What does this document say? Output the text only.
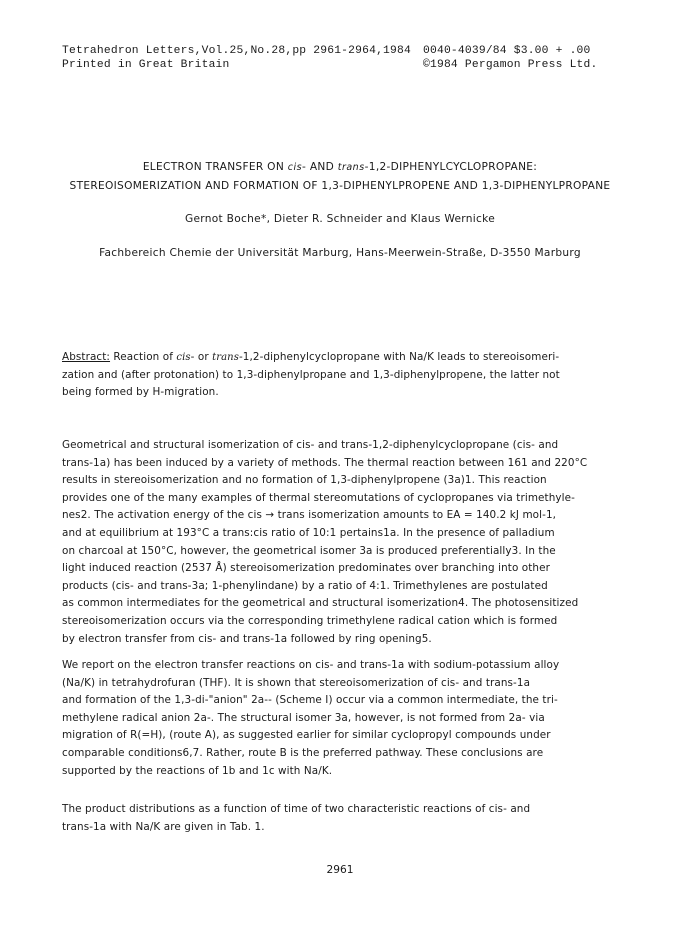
Tetrahedron Letters,Vol.25,No.28,pp 2961-2964,1984
Printed in Great Britain
0040-4039/84 $3.00 + .00
©1984 Pergamon Press Ltd.
ELECTRON TRANSFER ON cis- AND trans-1,2-DIPHENYLCYCLOPROPANE:
STEREOISOMERIZATION AND FORMATION OF 1,3-DIPHENYLPROPENE AND 1,3-DIPHENYLPROPANE
Gernot Boche*, Dieter R. Schneider and Klaus Wernicke
Fachbereich Chemie der Universität Marburg, Hans-Meerwein-Straße, D-3550 Marburg

Abstract: Reaction of cis- or trans-1,2-diphenylcyclopropane with Na/K leads to stereoisomeri-

zation and (after protonation) to 1,3-diphenylpropane and 1,3-diphenylpropene, the latter not

being formed by H-migration.

Geometrical and structural isomerization of cis- and trans-1,2-diphenylcyclopropane (cis- and

trans-1a) has been induced by a variety of methods. The thermal reaction between 161 and 220°C

results in stereoisomerization and no formation of 1,3-diphenylpropene (3a)1. This reaction

provides one of the many examples of thermal stereomutations of cyclopropanes via trimethyle-

nes2. The activation energy of the cis → trans isomerization amounts to EA = 140.2 kJ mol-1,

and at equilibrium at 193°C a trans:cis ratio of 10:1 pertains1a. In the presence of palladium

on charcoal at 150°C, however, the geometrical isomer 3a is produced preferentially3. In the

light induced reaction (2537 Å) stereoisomerization predominates over branching into other

products (cis- and trans-3a; 1-phenylindane) by a ratio of 4:1. Trimethylenes are postulated

as common intermediates for the geometrical and structural isomerization4. The photosensitized

stereoisomerization occurs via the corresponding trimethylene radical cation which is formed

by electron transfer from cis- and trans-1a followed by ring opening5.

We report on the electron transfer reactions on cis- and trans-1a with sodium-potassium alloy

(Na/K) in tetrahydrofuran (THF). It is shown that stereoisomerization of cis- and trans-1a

and formation of the 1,3-di-"anion" 2a-- (Scheme I) occur via a common intermediate, the tri-

methylene radical anion 2a-. The structural isomer 3a, however, is not formed from 2a- via

migration of R(=H), (route A), as suggested earlier for similar cyclopropyl compounds under

comparable conditions6,7. Rather, route B is the preferred pathway. These conclusions are

supported by the reactions of 1b and 1c with Na/K.

The product distributions as a function of time of two characteristic reactions of cis- and

trans-1a with Na/K are given in Tab. 1.

2961
